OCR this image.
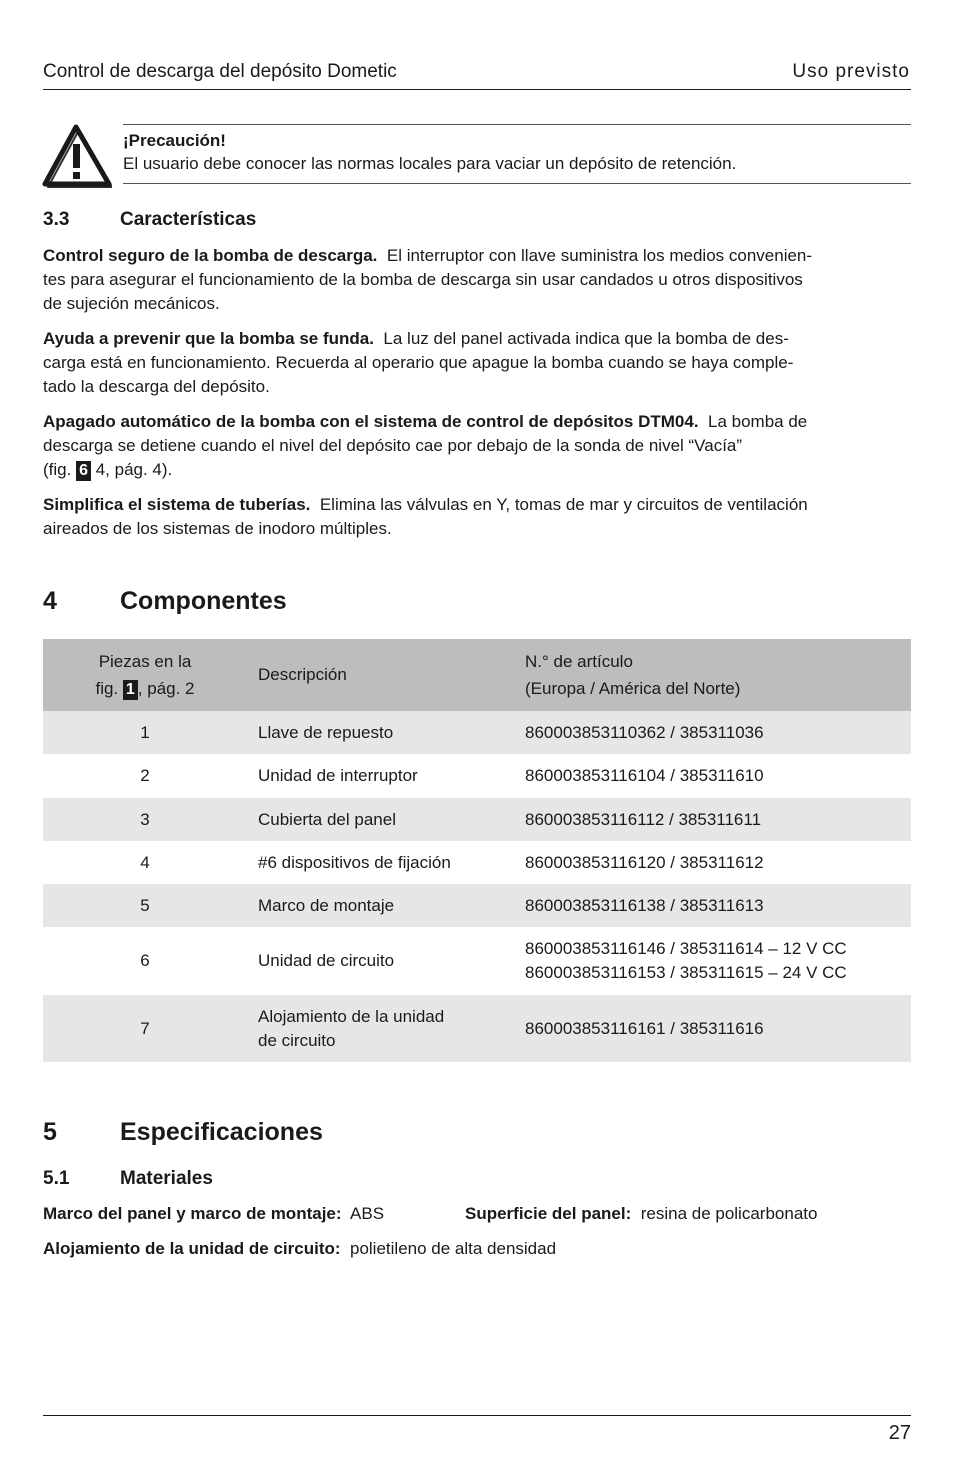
Control de descarga del depósito Dometic	Uso previsto
¡Precaución!
El usuario debe conocer las normas locales para vaciar un depósito de retención.
3.3	Características
Control seguro de la bomba de descarga. El interruptor con llave suministra los medios convenien-
tes para asegurar el funcionamiento de la bomba de descarga sin usar candados u otros dispositivos
de sujeción mecánicos.
Ayuda a prevenir que la bomba se funda. La luz del panel activada indica que la bomba de des-
carga está en funcionamiento. Recuerda al operario que apague la bomba cuando se haya comple-
tado la descarga del depósito.
Apagado automático de la bomba con el sistema de control de depósitos DTM04. La bomba de
descarga se detiene cuando el nivel del depósito cae por debajo de la sonda de nivel “Vacía”
(fig. 6 4, pág. 4).
Simplifica el sistema de tuberías. Elimina las válvulas en Y, tomas de mar y circuitos de ventilación
aireados de los sistemas de inodoro múltiples.
4	Componentes
Piezas en la
fig. 1 , pág. 2	Descripción	N.° de artículo
(Europa / América del Norte)

1	Llave de repuesto	860003853110362 / 385311036
2	Unidad de interruptor	860003853116104 / 385311610
3	Cubierta del panel	860003853116112 / 385311611
4	#6 dispositivos de fijación	860003853116120 / 385311612
5	Marco de montaje	860003853116138 / 385311613
6	Unidad de circuito	860003853116146 / 385311614 – 12 V CC
860003853116153 / 385311615 – 24 V CC

7	Alojamiento de la unidad
de circuito	860003853116161 / 385311616
5	Especificaciones
5.1	Materiales
Marco del panel y marco de montaje: ABS	Superficie del panel: resina de policarbonato
Alojamiento de la unidad de circuito: polietileno de alta densidad
27
